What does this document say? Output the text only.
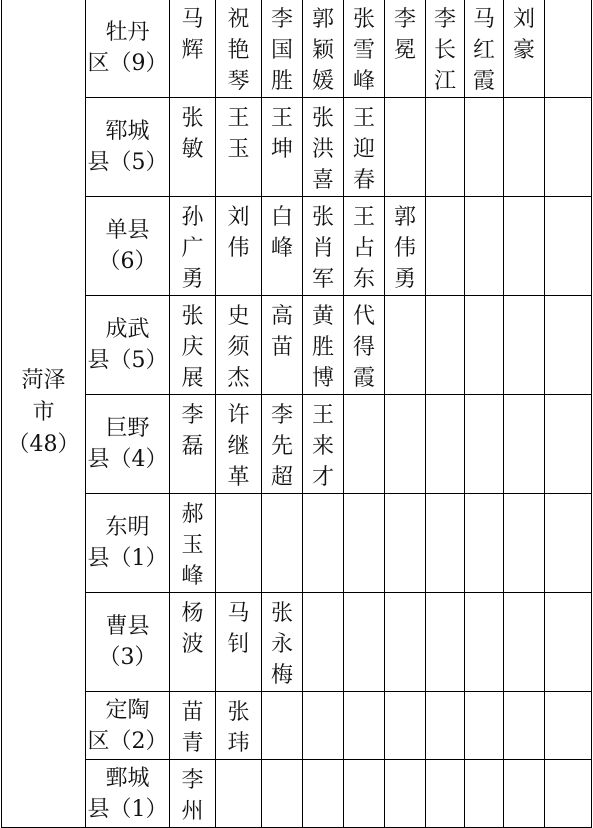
菏泽
市
（48）	牡丹
区（9）	马
辉	祝
艳
琴	李
国
胜	郭
颖
媛	张
雪
峰	李
冕	李
长
江	马
红
霞	刘
豪	

	郓城
县（5）	张
敏	王
玉	王
坤	张
洪
喜	王
迎
春					

	单县
（6）	孙
广
勇	刘
伟	白
峰	张
肖
军	王
占
东	郭
伟
勇				

	成武
县（5）	张
庆
展	史
须
杰	高
苗	黄
胜
博	代
得
霞					

	巨野
县（4）	李
磊	许
继
革	李
先
超	王
来
才						

	东明
县（1）	郝
玉
峰									

	曹县
（3）	杨
波	马
钊	张
永
梅							

	定陶
区（2）	苗
青	张
玮								

	鄄城
县（1）	李
州									
